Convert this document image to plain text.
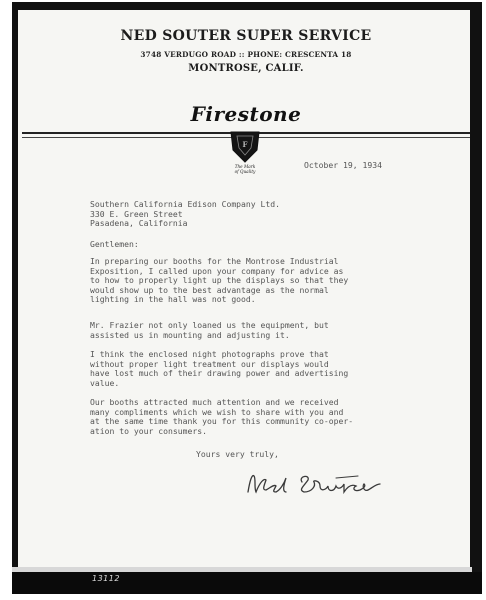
NED SOUTER SUPER SERVICE
3748 VERDUGO ROAD :: PHONE: CRESCENTA 18
MONTROSE, CALIF.
Firestone
F
The Mark
of Quality
October 19, 1934
Southern California Edison Company Ltd.
330 E. Green Street
Pasadena, California
Gentlemen:
In preparing our booths for the Montrose Industrial
Exposition, I called upon your company for advice as
to how to properly light up the displays so that they
would show up to the best advantage as the normal
lighting in the hall was not good.
Mr. Frazier not only loaned us the equipment, but
assisted us in mounting and adjusting it.
I think the enclosed night photographs prove that
without proper light treatment our displays would
have lost much of their drawing power and advertising
value.
Our booths attracted much attention and we received
many compliments which we wish to share with you and
at the same time thank you for this community co-oper-
ation to your consumers.
Yours very truly,
13112
